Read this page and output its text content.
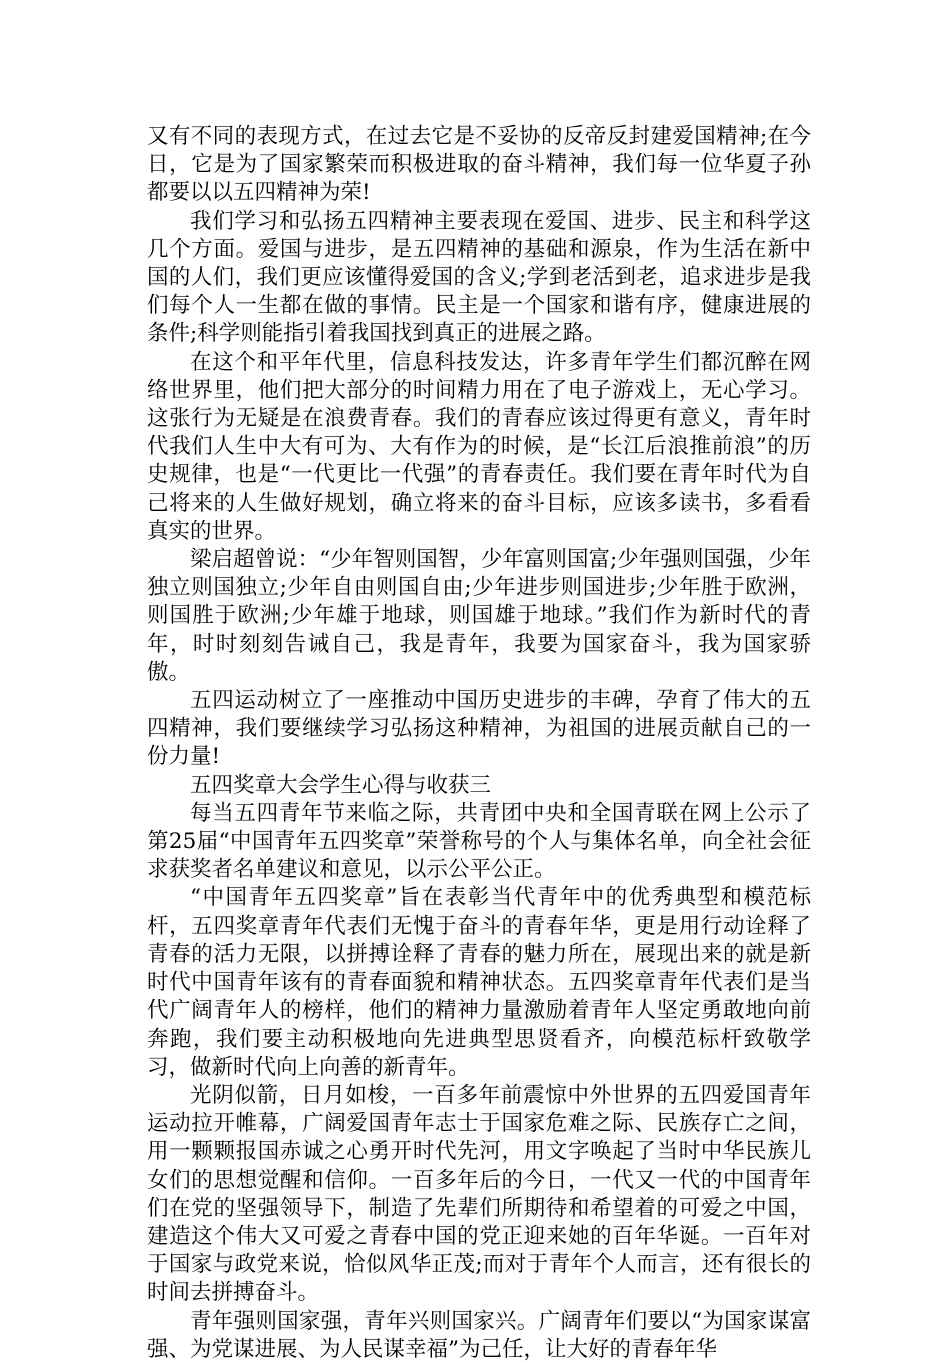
又有不同的表现方式，在过去它是不妥协的反帝反封建爱国精神;在今日，它是为了国家繁荣而积极进取的奋斗精神，我们每一位华夏子孙都要以以五四精神为荣!

我们学习和弘扬五四精神主要表现在爱国、进步、民主和科学这几个方面。爱国与进步，是五四精神的基础和源泉，作为生活在新中国的人们，我们更应该懂得爱国的含义;学到老活到老，追求进步是我们每个人一生都在做的事情。民主是一个国家和谐有序，健康进展的条件;科学则能指引着我国找到真正的进展之路。

在这个和平年代里，信息科技发达，许多青年学生们都沉醉在网络世界里，他们把大部分的时间精力用在了电子游戏上，无心学习。这张行为无疑是在浪费青春。我们的青春应该过得更有意义，青年时代我们人生中大有可为、大有作为的时候，是“长江后浪推前浪”的历史规律，也是“一代更比一代强”的青春责任。我们要在青年时代为自己将来的人生做好规划，确立将来的奋斗目标，应该多读书，多看看真实的世界。

梁启超曾说：“少年智则国智，少年富则国富;少年强则国强，少年独立则国独立;少年自由则国自由;少年进步则国进步;少年胜于欧洲，则国胜于欧洲;少年雄于地球，则国雄于地球。”我们作为新时代的青年，时时刻刻告诫自己，我是青年，我要为国家奋斗，我为国家骄傲。

五四运动树立了一座推动中国历史进步的丰碑，孕育了伟大的五四精神，我们要继续学习弘扬这种精神，为祖国的进展贡献自己的一份力量!

五四奖章大会学生心得与收获三

每当五四青年节来临之际，共青团中央和全国青联在网上公示了第25届“中国青年五四奖章”荣誉称号的个人与集体名单，向全社会征求获奖者名单建议和意见，以示公平公正。

“中国青年五四奖章”旨在表彰当代青年中的优秀典型和模范标杆，五四奖章青年代表们无愧于奋斗的青春年华，更是用行动诠释了青春的活力无限，以拼搏诠释了青春的魅力所在，展现出来的就是新时代中国青年该有的青春面貌和精神状态。五四奖章青年代表们是当代广阔青年人的榜样，他们的精神力量激励着青年人坚定勇敢地向前奔跑，我们要主动积极地向先进典型思贤看齐，向模范标杆致敬学习，做新时代向上向善的新青年。

光阴似箭，日月如梭，一百多年前震惊中外世界的五四爱国青年运动拉开帷幕，广阔爱国青年志士于国家危难之际、民族存亡之间，用一颗颗报国赤诚之心勇开时代先河，用文字唤起了当时中华民族儿女们的思想觉醒和信仰。一百多年后的今日，一代又一代的中国青年们在党的坚强领导下，制造了先辈们所期待和希望着的可爱之中国，建造这个伟大又可爱之青春中国的党正迎来她的百年华诞。一百年对于国家与政党来说，恰似风华正茂;而对于青年个人而言，还有很长的时间去拼搏奋斗。

青年强则国家强，青年兴则国家兴。广阔青年们要以“为国家谋富强、为党谋进展、为人民谋幸福”为己任，让大好的青春年华
